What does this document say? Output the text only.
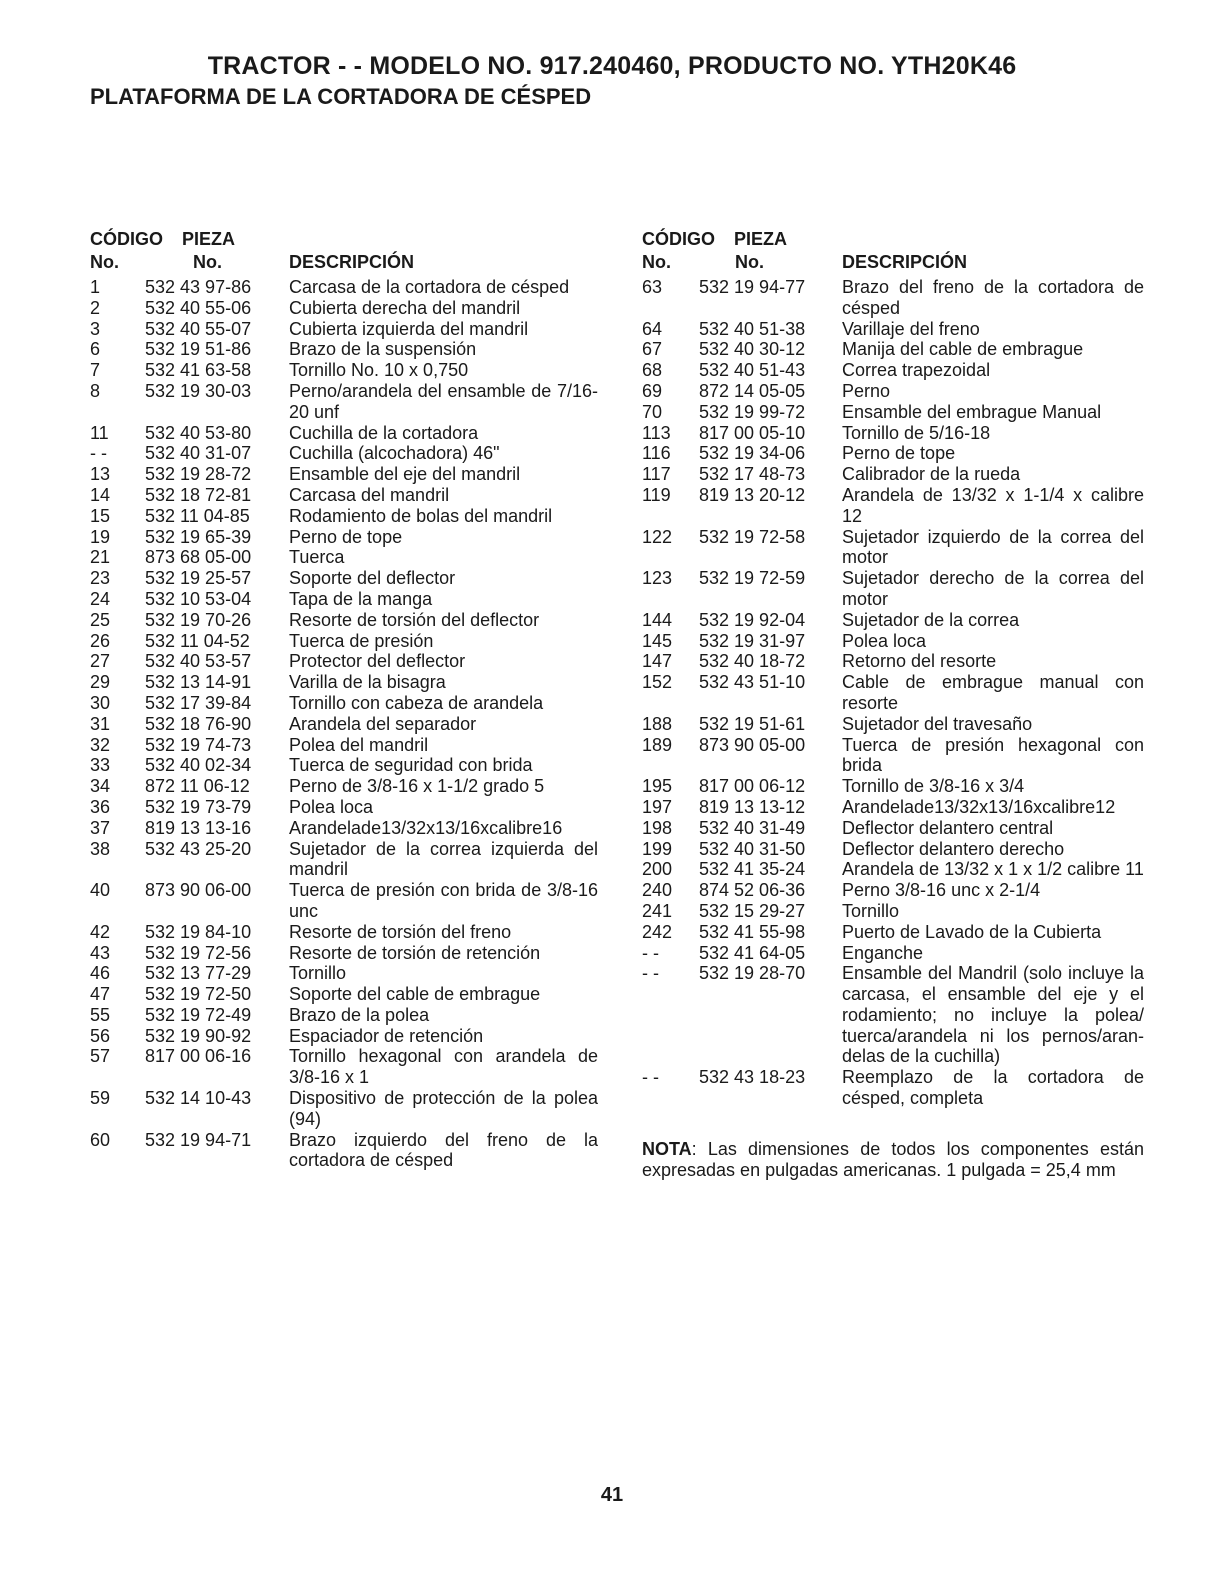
TRACTOR - - MODELO NO. 917.240460, PRODUCTO NO. YTH20K46
PLATAFORMA DE LA CORTADORA DE CÉSPED
CÓDIGO PIEZA
No.	No.	DESCRIPCIÓN
1 532 43 97-86 Carcasa de la cortadora de césped
2 532 40 55-06 Cubierta derecha del mandril
3 532 40 55-07 Cubierta izquierda del mandril
6 532 19 51-86 Brazo de la suspensión
7 532 41 63-58 Tornillo No. 10 x 0,750
8 532 19 30-03 Perno/arandela del ensamble de 7/16-20 unf
11 532 40 53-80 Cuchilla de la cortadora
- - 532 40 31-07 Cuchilla (alcochadora) 46"
13 532 19 28-72 Ensamble del eje del mandril
14 532 18 72-81 Carcasa del mandril
15 532 11 04-85 Rodamiento de bolas del mandril
19 532 19 65-39 Perno de tope
21 873 68 05-00 Tuerca
23 532 19 25-57 Soporte del deflector
24 532 10 53-04 Tapa de la manga
25 532 19 70-26 Resorte de torsión del deflector
26 532 11 04-52 Tuerca de presión
27 532 40 53-57 Protector del deflector
29 532 13 14-91 Varilla de la bisagra
30 532 17 39-84 Tornillo con cabeza de arandela
31 532 18 76-90 Arandela del separador
32 532 19 74-73 Polea del mandril
33 532 40 02-34 Tuerca de seguridad con brida
34 872 11 06-12 Perno de 3/8-16 x 1-1/2 grado 5
36 532 19 73-79 Polea loca
37 819 13 13-16 Arandelade13/32x13/16xcalibre16
38 532 43 25-20 Sujetador de la correa izquierda del mandril
40 873 90 06-00 Tuerca de presión con brida de 3/8-16 unc
42 532 19 84-10 Resorte de torsión del freno
43 532 19 72-56 Resorte de torsión de retención
46 532 13 77-29 Tornillo
47 532 19 72-50 Soporte del cable de embrague
55 532 19 72-49 Brazo de la polea
56 532 19 90-92 Espaciador de retención
57 817 00 06-16 Tornillo hexagonal con arandela de 3/8-16 x 1
59 532 14 10-43 Dispositivo de protección de la polea (94)
60 532 19 94-71 Brazo izquierdo del freno de la cortadora de césped
CÓDIGO PIEZA
No.	No.	DESCRIPCIÓN
63 532 19 94-77 Brazo del freno de la cortadora de césped
64 532 40 51-38 Varillaje del freno
67 532 40 30-12 Manija del cable de embrague
68 532 40 51-43 Correa trapezoidal
69 872 14 05-05 Perno
70 532 19 99-72 Ensamble del embrague Manual
113 817 00 05-10 Tornillo de 5/16-18
116 532 19 34-06 Perno de tope
117 532 17 48-73 Calibrador de la rueda
119 819 13 20-12 Arandela de 13/32 x 1-1/4 x calibre 12
122 532 19 72-58 Sujetador izquierdo de la correa del motor
123 532 19 72-59 Sujetador derecho de la correa del motor
144 532 19 92-04 Sujetador de la correa
145 532 19 31-97 Polea loca
147 532 40 18-72 Retorno del resorte
152 532 43 51-10 Cable de embrague manual con resorte
188 532 19 51-61 Sujetador del travesaño
189 873 90 05-00 Tuerca de presión hexagonal con brida
195 817 00 06-12 Tornillo de 3/8-16 x 3/4
197 819 13 13-12 Arandelade13/32x13/16xcalibre12
198 532 40 31-49 Deflector delantero central
199 532 40 31-50 Deflector delantero derecho
200 532 41 35-24 Arandela de 13/32 x 1 x 1/2 calibre 11
240 874 52 06-36 Perno 3/8-16 unc x 2-1/4
241 532 15 29-27 Tornillo
242 532 41 55-98 Puerto de Lavado de la Cubierta
- - 532 41 64-05 Enganche
- - 532 19 28-70 Ensamble del Mandril (solo incluye la carcasa, el ensamble del eje y el rodamiento; no incluye la polea/ tuerca/arandela ni los pernos/aran- delas de la cuchilla)
- - 532 43 18-23 Reemplazo de la cortadora de césped, completa
NOTA: Las dimensiones de todos los componentes están expresadas en pulgadas americanas. 1 pulgada = 25,4 mm
41
